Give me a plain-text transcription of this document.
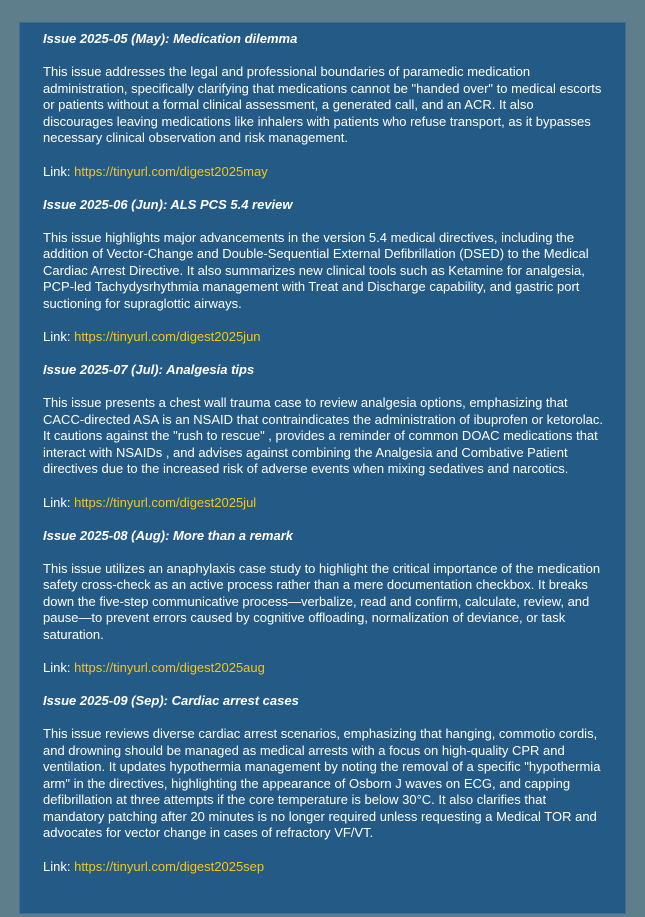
Issue 2025-05 (May): Medication dilemma

This issue addresses the legal and professional boundaries of paramedic medication administration, specifically clarifying that medications cannot be "handed over" to medical escorts or patients without a formal clinical assessment, a generated call, and an ACR. It also discourages leaving medications like inhalers with patients who refuse transport, as it bypasses necessary clinical observation and risk management.

Link: https://tinyurl.com/digest2025may

Issue 2025-06 (Jun): ALS PCS 5.4 review

This issue highlights major advancements in the version 5.4 medical directives, including the addition of Vector-Change and Double-Sequential External Defibrillation (DSED) to the Medical Cardiac Arrest Directive. It also summarizes new clinical tools such as Ketamine for analgesia, PCP-led Tachydysrhythmia management with Treat and Discharge capability, and gastric port suctioning for supraglottic airways.

Link: https://tinyurl.com/digest2025jun

Issue 2025-07 (Jul): Analgesia tips

This issue presents a chest wall trauma case to review analgesia options, emphasizing that CACC-directed ASA is an NSAID that contraindicates the administration of ibuprofen or ketorolac. It cautions against the "rush to rescue" , provides a reminder of common DOAC medications that interact with NSAIDs , and advises against combining the Analgesia and Combative Patient directives due to the increased risk of adverse events when mixing sedatives and narcotics.

Link: https://tinyurl.com/digest2025jul

Issue 2025-08 (Aug): More than a remark

This issue utilizes an anaphylaxis case study to highlight the critical importance of the medication safety cross-check as an active process rather than a mere documentation checkbox. It breaks down the five-step communicative process—verbalize, read and confirm, calculate, review, and pause—to prevent errors caused by cognitive offloading, normalization of deviance, or task saturation.

Link: https://tinyurl.com/digest2025aug

Issue 2025-09 (Sep): Cardiac arrest cases

This issue reviews diverse cardiac arrest scenarios, emphasizing that hanging, commotio cordis, and drowning should be managed as medical arrests with a focus on high-quality CPR and ventilation. It updates hypothermia management by noting the removal of a specific "hypothermia arm" in the directives, highlighting the appearance of Osborn J waves on ECG, and capping defibrillation at three attempts if the core temperature is below 30°C. It also clarifies that mandatory patching after 20 minutes is no longer required unless requesting a Medical TOR and advocates for vector change in cases of refractory VF/VT.

Link: https://tinyurl.com/digest2025sep
